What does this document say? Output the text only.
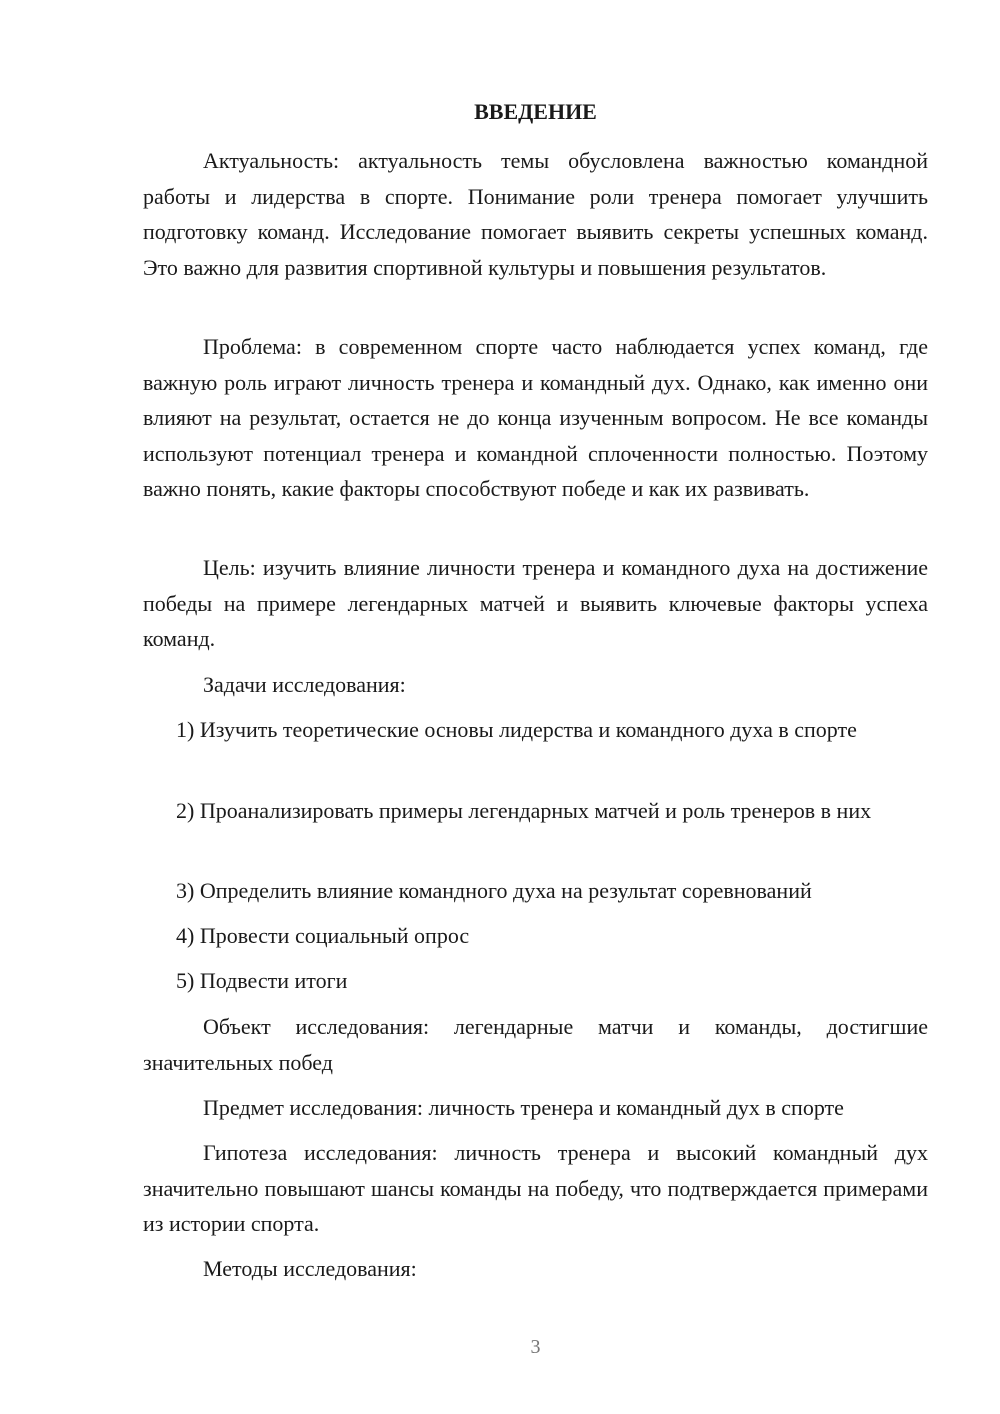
ВВЕДЕНИЕ

Актуальность: актуальность темы обусловлена важностью командной работы и лидерства в спорте. Понимание роли тренера помогает улучшить подготовку команд. Исследование помогает выявить секреты успешных команд. Это важно для развития спортивной культуры и повышения результатов.

Проблема: в современном спорте часто наблюдается успех команд, где важную роль играют личность тренера и командный дух. Однако, как именно они влияют на результат, остается не до конца изученным вопросом. Не все команды используют потенциал тренера и командной сплоченности полностью. Поэтому важно понять, какие факторы способствуют победе и как их развивать.

Цель: изучить влияние личности тренера и командного духа на достижение победы на примере легендарных матчей и выявить ключевые факторы успеха команд.

Задачи исследования:

1) Изучить теоретические основы лидерства и командного духа в спорте

2) Проанализировать примеры легендарных матчей и роль тренеров в них

3) Определить влияние командного духа на результат соревнований

4) Провести социальный опрос

5) Подвести итоги

Объект исследования: легендарные матчи и команды, достигшие значительных побед

Предмет исследования: личность тренера и командный дух в спорте

Гипотеза исследования: личность тренера и высокий командный дух значительно повышают шансы команды на победу, что подтверждается примерами из истории спорта.

Методы исследования:

3
